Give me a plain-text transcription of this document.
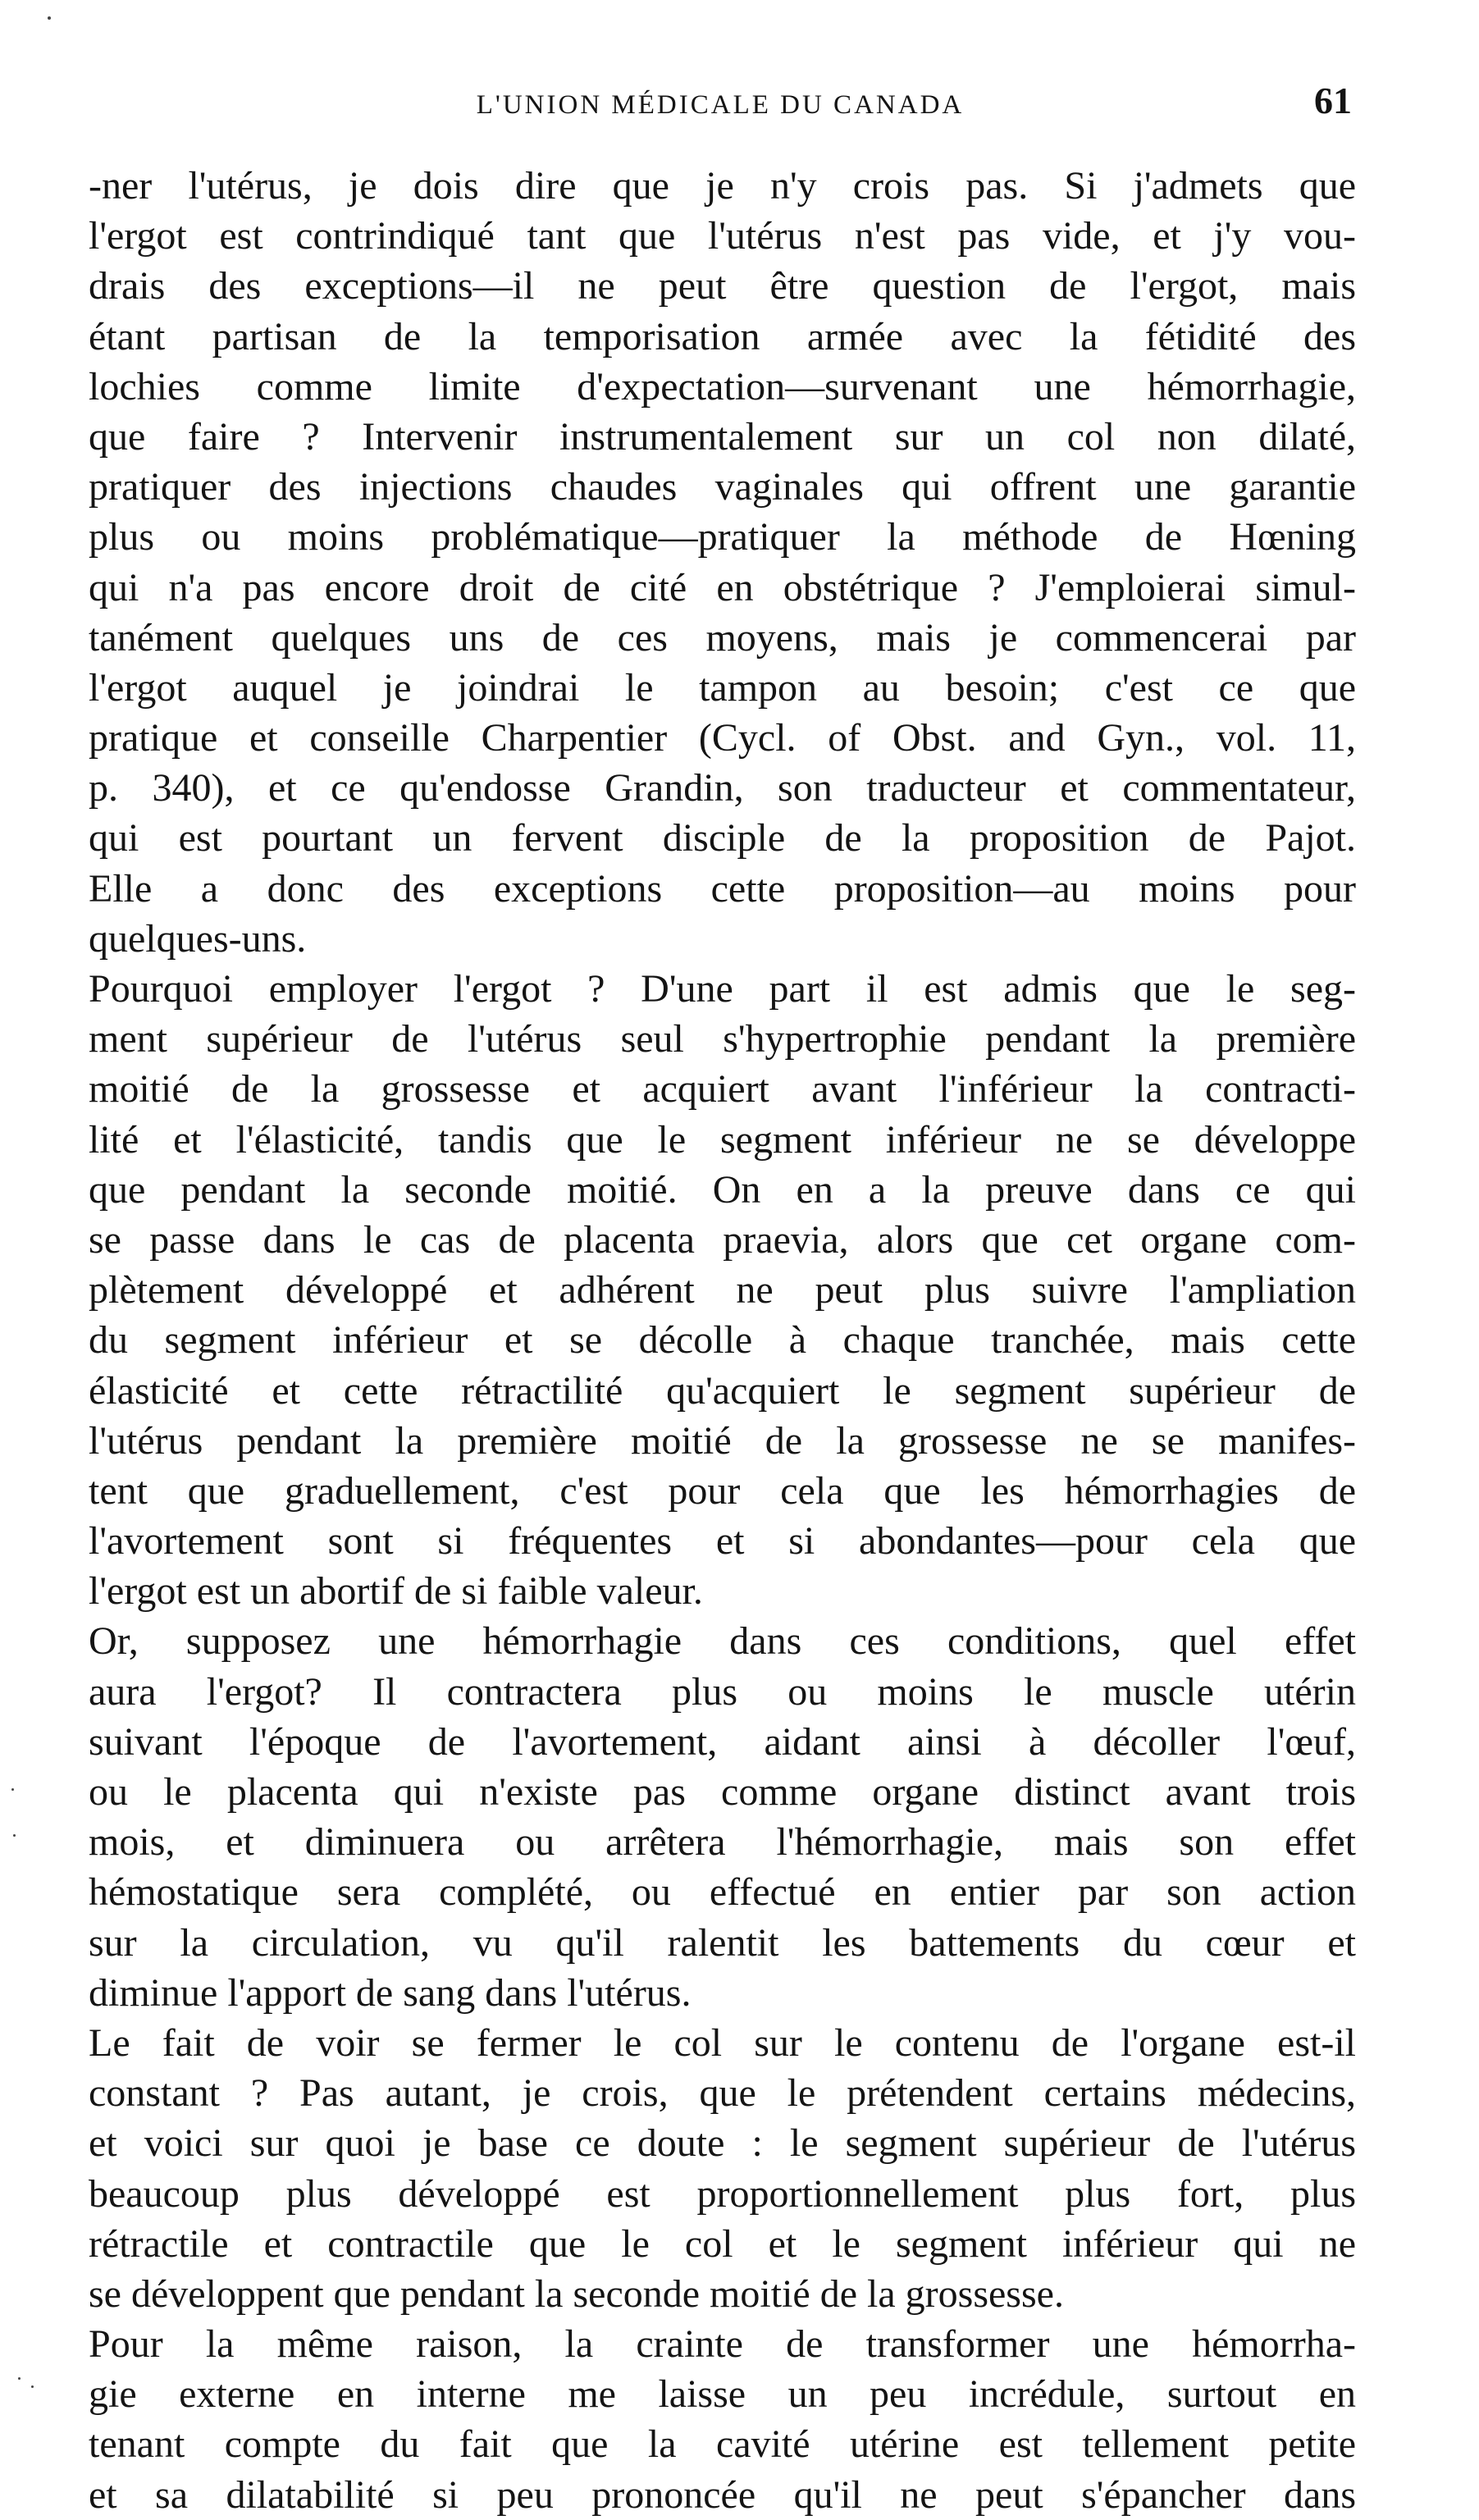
L'UNION MÉDICALE DU CANADA	61
-ner l'utérus, je dois dire que je n'y crois pas. Si j'admets que
l'ergot est contrindiqué tant que l'utérus n'est pas vide, et j'y vou-
drais des exceptions—il ne peut être question de l'ergot, mais
étant partisan de la temporisation armée avec la fétidité des
lochies comme limite d'expectation—survenant une hémorrhagie,
que faire ? Intervenir instrumentalement sur un col non dilaté,
pratiquer des injections chaudes vaginales qui offrent une garantie
plus ou moins problématique—pratiquer la méthode de Hœning
qui n'a pas encore droit de cité en obstétrique ? J'emploierai simul-
tanément quelques uns de ces moyens, mais je commencerai par
l'ergot auquel je joindrai le tampon au besoin; c'est ce que
pratique et conseille Charpentier (Cycl. of Obst. and Gyn., vol. 11,
p. 340), et ce qu'endosse Grandin, son traducteur et commentateur,
qui est pourtant un fervent disciple de la proposition de Pajot.
Elle a donc des exceptions cette proposition—au moins pour
quelques-uns.
Pourquoi employer l'ergot ? D'une part il est admis que le seg-
ment supérieur de l'utérus seul s'hypertrophie pendant la première
moitié de la grossesse et acquiert avant l'inférieur la contracti-
lité et l'élasticité, tandis que le segment inférieur ne se développe
que pendant la seconde moitié. On en a la preuve dans ce qui
se passe dans le cas de placenta praevia, alors que cet organe com-
plètement développé et adhérent ne peut plus suivre l'ampliation
du segment inférieur et se décolle à chaque tranchée, mais cette
élasticité et cette rétractilité qu'acquiert le segment supérieur de
l'utérus pendant la première moitié de la grossesse ne se manifes-
tent que graduellement, c'est pour cela que les hémorrhagies de
l'avortement sont si fréquentes et si abondantes—pour cela que
l'ergot est un abortif de si faible valeur.
Or, supposez une hémorrhagie dans ces conditions, quel effet
aura l'ergot? Il contractera plus ou moins le muscle utérin
suivant l'époque de l'avortement, aidant ainsi à décoller l'œuf,
ou le placenta qui n'existe pas comme organe distinct avant trois
mois, et diminuera ou arrêtera l'hémorrhagie, mais son effet
hémostatique sera complété, ou effectué en entier par son action
sur la circulation, vu qu'il ralentit les battements du cœur et
diminue l'apport de sang dans l'utérus.
Le fait de voir se fermer le col sur le contenu de l'organe est-il
constant ? Pas autant, je crois, que le prétendent certains médecins,
et voici sur quoi je base ce doute : le segment supérieur de l'utérus
beaucoup plus développé est proportionnellement plus fort, plus
rétractile et contractile que le col et le segment inférieur qui ne
se développent que pendant la seconde moitié de la grossesse.
Pour la même raison, la crainte de transformer une hémorrha-
gie externe en interne me laisse un peu incrédule, surtout en
tenant compte du fait que la cavité utérine est tellement petite
et sa dilatabilité si peu prononcée qu'il ne peut s'épancher dans
